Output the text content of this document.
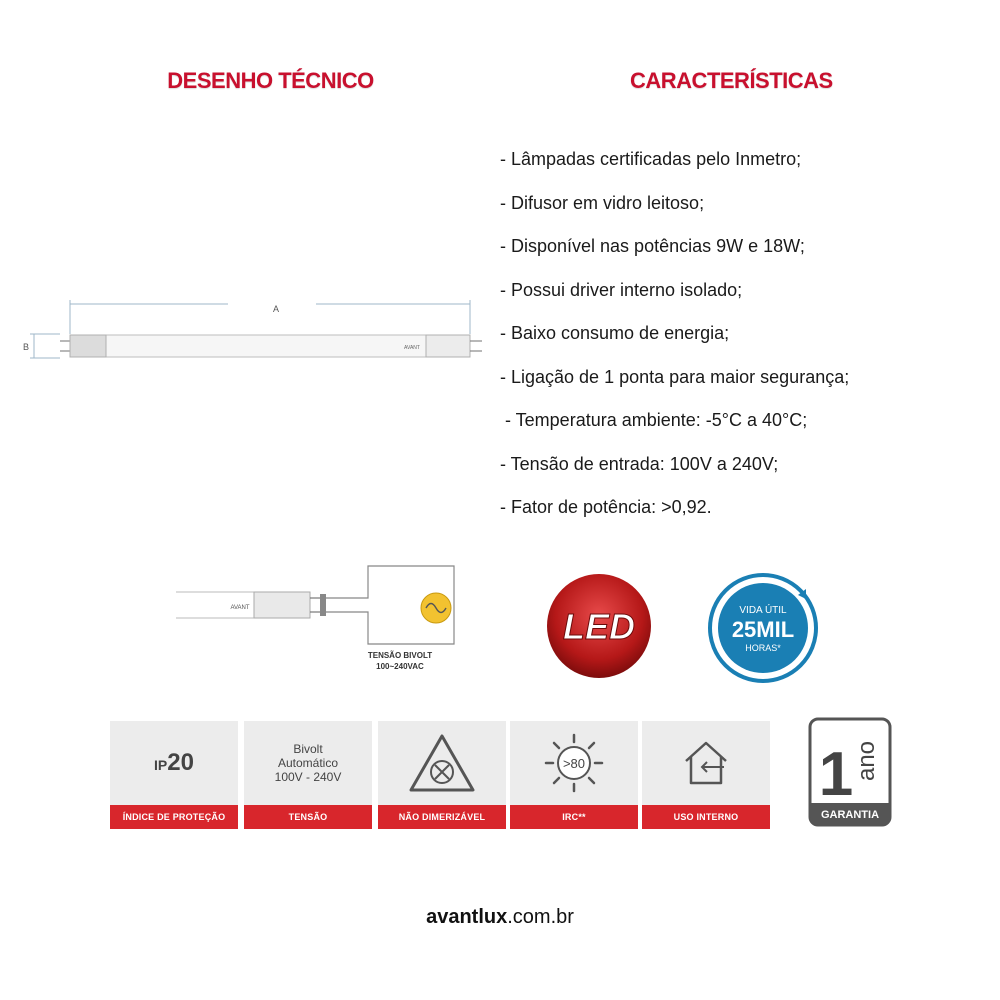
DESENHO TÉCNICO	CARACTERÍSTICAS
- Lâmpadas certificadas pelo Inmetro;
- Difusor em vidro leitoso;
- Disponível nas potências 9W e 18W;
- Possui driver interno isolado;
- Baixo consumo de energia;
- Ligação de 1 ponta para maior segurança;
- Temperatura ambiente: -5°C a 40°C;
- Tensão de entrada: 100V a 240V;
- Fator de potência: >0,92.
A
B	AVANT
AVANT
TENSÃO BIVOLT
100~240VAC
LED	VIDA ÚTIL
25MIL
HORAS*
IP20
ÍNDICE DE PROTEÇÃO
Bivolt
Automático
100V - 240V
TENSÃO	NÃO DIMERIZÁVEL
>80
IRC**	USO INTERNO
1 ano
GARANTIA
avantlux.com.br
